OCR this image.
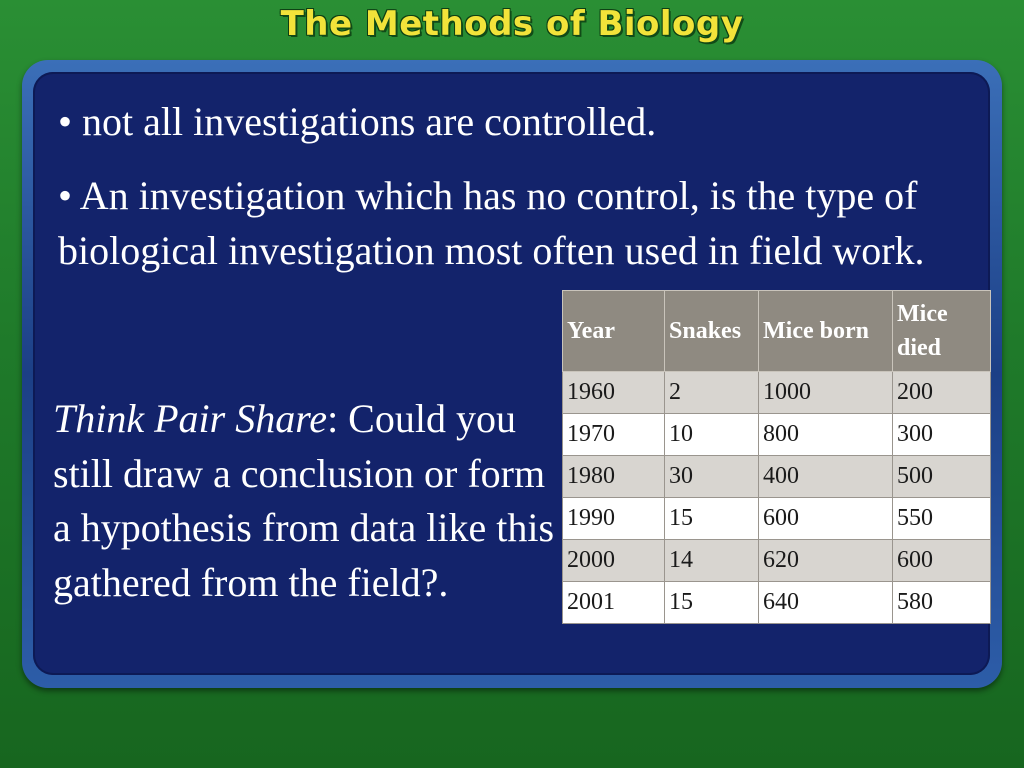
The Methods of Biology

• not all investigations are controlled.

• An investigation which has no control, is the type of biological investigation most often used in field work.

Think Pair Share: Could you still draw a conclusion or form a hypothesis from data like this gathered from the field?.

Year	Snakes	Mice born	Mice died
1960	2	1000	200
1970	10	800	300
1980	30	400	500
1990	15	600	550
2000	14	620	600
2001	15	640	580
